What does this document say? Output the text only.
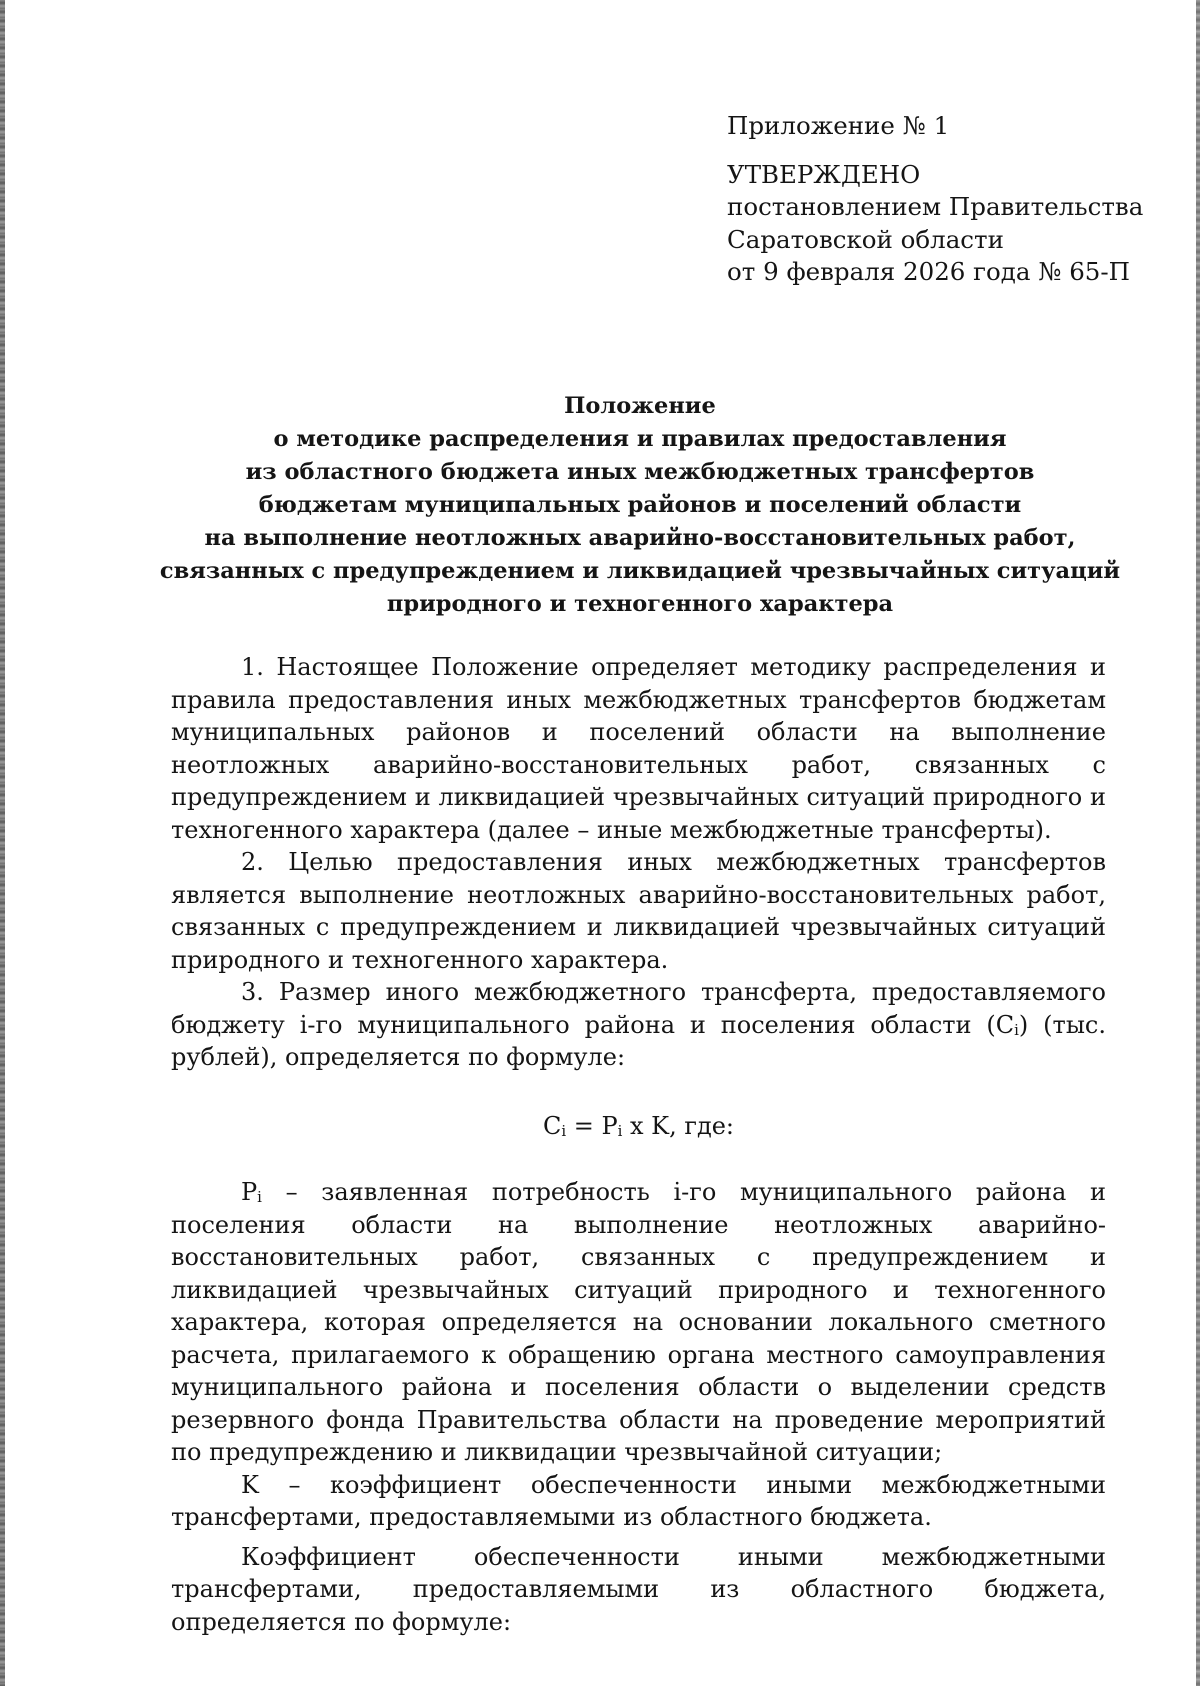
Приложение № 1
УТВЕРЖДЕНО
постановлением Правительства
Саратовской области
от 9 февраля 2026 года № 65-П
Положение
о методике распределения и правилах предоставления
из областного бюджета иных межбюджетных трансфертов
бюджетам муниципальных районов и поселений области
на выполнение неотложных аварийно-восстановительных работ,
связанных с предупреждением и ликвидацией чрезвычайных ситуаций
природного и техногенного характера

1. Настоящее Положение определяет методику распределения и правила предоставления иных межбюджетных трансфертов бюджетам муниципальных районов и поселений области на выполнение неотложных аварийно-восстановительных работ, связанных с предупреждением и ликвидацией чрезвычайных ситуаций природного и техногенного характера (далее – иные межбюджетные трансферты).

2. Целью предоставления иных межбюджетных трансфертов является выполнение неотложных аварийно-восстановительных работ, связанных с предупреждением и ликвидацией чрезвычайных ситуаций природного и техногенного характера.

3. Размер иного межбюджетного трансферта, предоставляемого бюджету i-го муниципального района и поселения области $(C_i)$ (тыс. рублей), определяется по формуле:

$C_i = P_i$ x K, где:

$P_i$ – заявленная потребность i-го муниципального района и поселения области на выполнение неотложных аварийно-восстановительных работ, связанных с предупреждением и ликвидацией чрезвычайных ситуаций природного и техногенного характера, которая определяется на основании локального сметного расчета, прилагаемого к обращению органа местного самоуправления муниципального района и поселения области о выделении средств резервного фонда Правительства области на проведение мероприятий по предупреждению и ликвидации чрезвычайной ситуации;

K – коэффициент обеспеченности иными межбюджетными трансфертами, предоставляемыми из областного бюджета.

Коэффициент обеспеченности иными межбюджетными трансфертами, предоставляемыми из областного бюджета, определяется по формуле:
